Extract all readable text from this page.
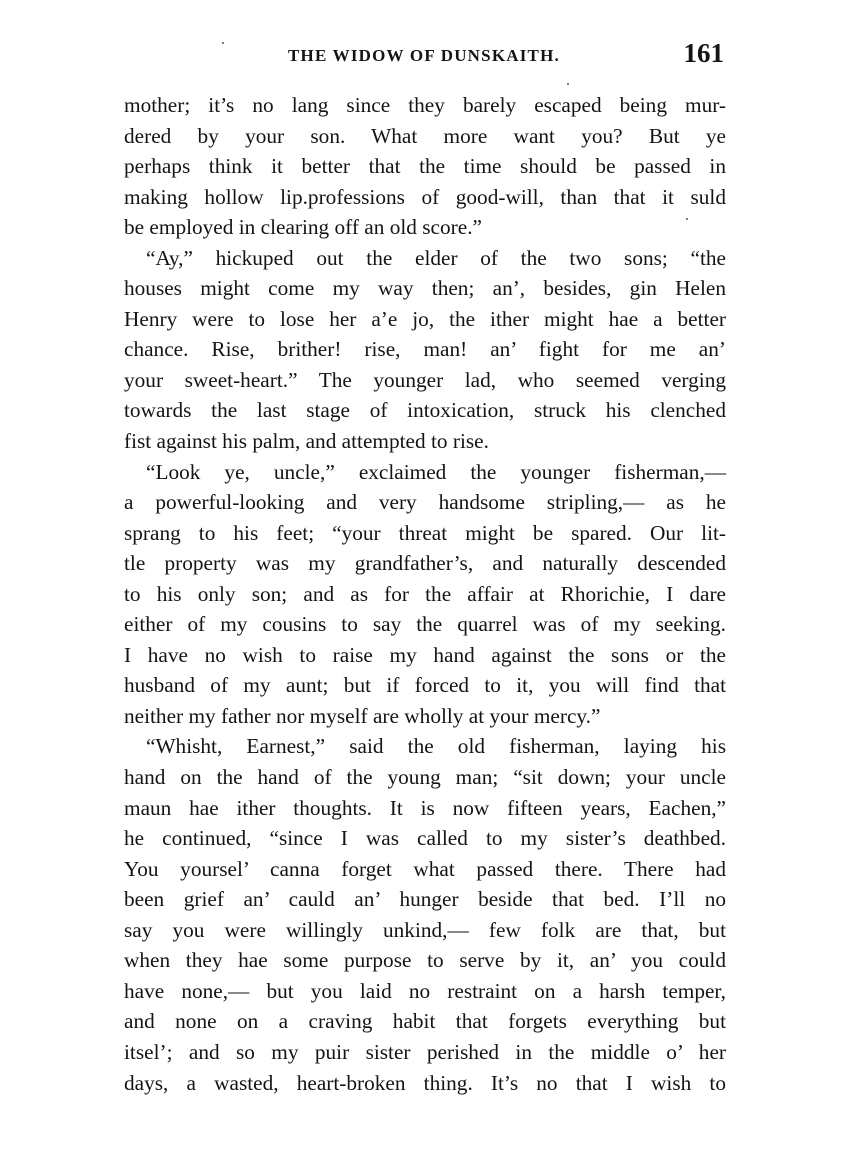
THE WIDOW OF DUNSKAITH.	161
mother; it’s no lang since they barely escaped being mur-
dered by your son. What more want you? But ye
perhaps think it better that the time should be passed in
making hollow lip.professions of good-will, than that it suld
be employed in clearing off an old score.”
“Ay,” hickuped out the elder of the two sons; “the
houses might come my way then; an’, besides, gin Helen
Henry were to lose her a’e jo, the ither might hae a better
chance. Rise, brither! rise, man! an’ fight for me an’
your sweet-heart.” The younger lad, who seemed verging
towards the last stage of intoxication, struck his clenched
fist against his palm, and attempted to rise.
“Look ye, uncle,” exclaimed the younger fisherman,—
a powerful-looking and very handsome stripling,— as he
sprang to his feet; “your threat might be spared. Our lit-
tle property was my grandfather’s, and naturally descended
to his only son; and as for the affair at Rhorichie, I dare
either of my cousins to say the quarrel was of my seeking.
I have no wish to raise my hand against the sons or the
husband of my aunt; but if forced to it, you will find that
neither my father nor myself are wholly at your mercy.”
“Whisht, Earnest,” said the old fisherman, laying his
hand on the hand of the young man; “sit down; your uncle
maun hae ither thoughts. It is now fifteen years, Eachen,”
he continued, “since I was called to my sister’s deathbed.
You yoursel’ canna forget what passed there. There had
been grief an’ cauld an’ hunger beside that bed. I’ll no
say you were willingly unkind,— few folk are that, but
when they hae some purpose to serve by it, an’ you could
have none,— but you laid no restraint on a harsh temper,
and none on a craving habit that forgets everything but
itsel’; and so my puir sister perished in the middle o’ her
days, a wasted, heart-broken thing. It’s no that I wish to
